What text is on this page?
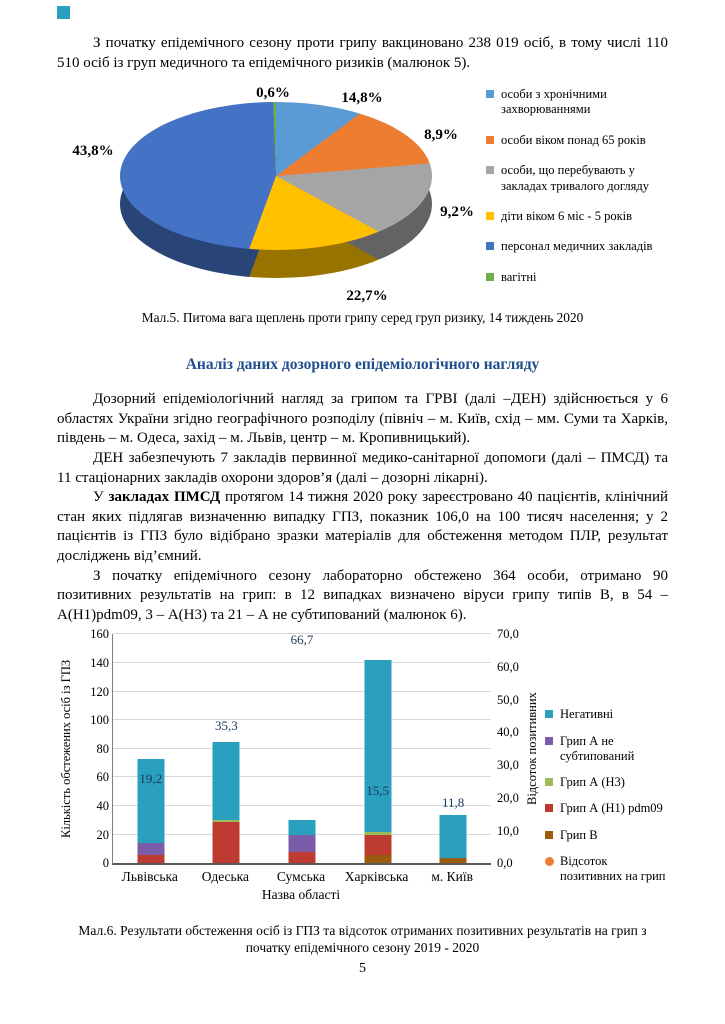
З початку епідемічного сезону проти грипу вакциновано 238 019 осіб, в тому числі 110 510 осіб із груп медичного та епідемічного ризиків (малюнок 5).

0,6%	14,8%
8,9%
43,8%
9,2%
22,7%
особи з хронічними захворюваннями
особи віком понад 65 років
особи, що перебувають у закладах тривалого догляду
діти віком 6 міс - 5 років
персонал медичних закладів
вагітні
Мал.5. Питома вага щеплень проти грипу серед груп ризику, 14 тиждень 2020
Аналіз даних дозорного епідеміологічного нагляду

Дозорний епідеміологічний нагляд за грипом та ГРВІ (далі –ДЕН) здійснюється у 6 областях України згідно географічного розподілу (північ – м. Київ, схід – мм. Суми та Харків, південь – м. Одеса, захід – м. Львів, центр – м. Кропивницький).

ДЕН забезпечують 7 закладів первинної медико-санітарної допомоги (далі – ПМСД) та 11 стаціонарних закладів охорони здоров’я (далі – дозорні лікарні).

У закладах ПМСД протягом 14 тижня 2020 року зареєстровано 40 пацієнтів, клінічний стан яких підлягав визначенню випадку ГПЗ, показник 106,0 на 100 тисяч населення; у 2 пацієнтів із ГПЗ було відібрано зразки матеріалів для обстеження методом ПЛР, результат досліджень від’ємний.

З початку епідемічного сезону лабораторно обстежено 364 особи, отримано 90 позитивних результатів на грип: в 12 випадках визначено віруси грипу типів В, в 54 – А(H1)pdm09, 3 – А(H3) та 21 – А не субтипований (малюнок 6).

Кількість обстежених осіб із ГПЗ
0
20
40
60
80
100
120
140
160
19,2
35,3
66,7
15,5
11,8
0,0
10,0
20,0
30,0
40,0
50,0
60,0
70,0
Відсоток позитивних
Львівська	Одеська	Сумська	Харківська	м. Київ
Назва області
Негативні
Грип А не субтипований
Грип А (H3)
Грип А (H1) pdm09
Грип В
Відсоток позитивних на грип
Мал.6. Результати обстеження осіб із ГПЗ та відсоток отриманих позитивних результатів на грип з початку епідемічного сезону 2019 - 2020
5
